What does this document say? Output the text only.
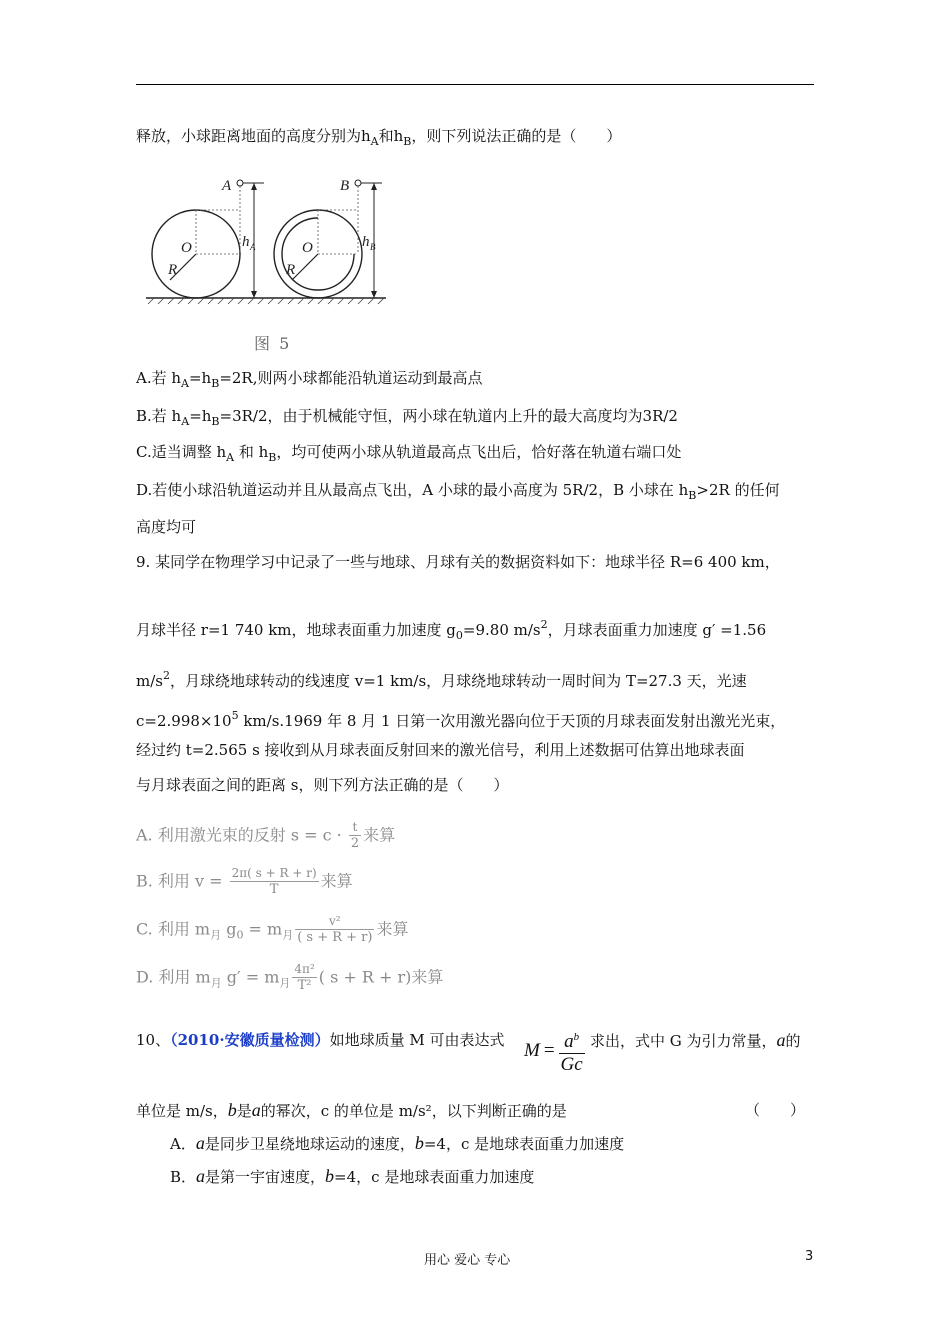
释放，小球距离地面的高度分别为$h_A$和$h_B$，则下列说法正确的是（　　）
A	B
O	O
R	R
h A	h B
图 5
A.若 $h_A=h_B=2R$,则两小球都能沿轨道运动到最高点
B.若 $h_A=h_B=3R/2$，由于机械能守恒，两小球在轨道内上升的最大高度均为3R/2
C.适当调整 $h_A$ 和 $h_B$，均可使两小球从轨道最高点飞出后，恰好落在轨道右端口处
D.若使小球沿轨道运动并且从最高点飞出，A 小球的最小高度为 5R/2，B 小球在 $h_B>2R$ 的任何
高度均可
9. 某同学在物理学习中记录了一些与地球、月球有关的数据资料如下：地球半径 R=6 400 km，
月球半径 r=1 740 km，地球表面重力加速度 $g_0=9.80$ $m/s^2$，月球表面重力加速度 g′ =1.56
$m/s^2$，月球绕地球转动的线速度 v=1 km/s，月球绕地球转动一周时间为 T=27.3 天，光速
$c=2.998\times 10^5$ km/s.1969 年 8 月 1 日第一次用激光器向位于天顶的月球表面发射出激光光束，
经过约 t=2.565 s 接收到从月球表面反射回来的激光信号，利用上述数据可估算出地球表面
与月球表面之间的距离 s，则下列方法正确的是（　　）
A. 利用激光束的反射 $s = c \cdot \frac{t}{2}$ 来算
B. 利用 $v = \frac{2\pi( s + R + r)}{T}$ 来算
C. 利用 $m_月$ $g_0 = m_月 \frac{\text{v²}}{( s + R + r)}$ 来算
D. 利用 $m_月$ $g' = m_月 \frac{\text{4π²}}{\text{T²}}$ ( s + R + r)来算
10、（2010·安徽质量检测）如地球质量 M 可由表达式 $M = \frac{a^b}{Gc}$ 求出，式中 G 为引力常量，a的
单位是 m/s，b是a的幂次，c 的单位是 m/s²，以下判断正确的是	（　　）
A．a是同步卫星绕地球运动的速度，b=4，c 是地球表面重力加速度
B．a是第一宇宙速度，b=4，c 是地球表面重力加速度
用心 爱心 专心	3
